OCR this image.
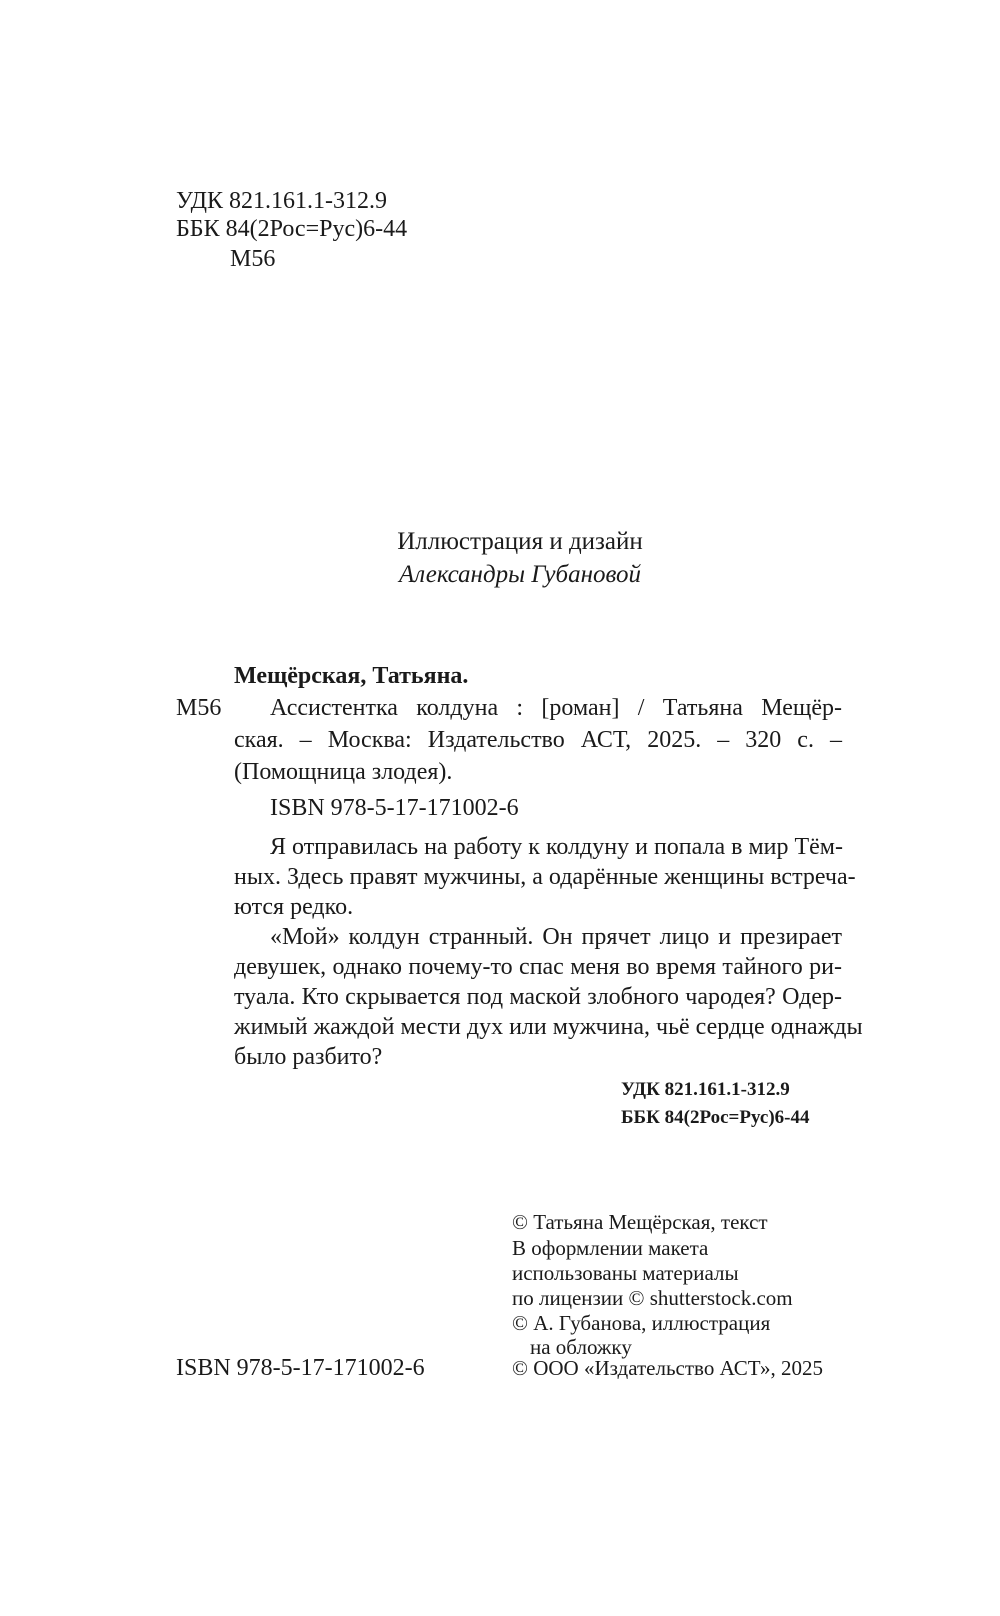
УДК 821.161.1-312.9
ББК 84(2Рос=Рус)6-44
М56
Иллюстрация и дизайн
Александры Губановой
Мещёрская, Татьяна.
М56 Ассистентка колдуна : [роман] / Татьяна Мещёр-
ская. – Москва: Издательство АСТ, 2025. – 320 с. –
(Помощница злодея).
ISBN 978-5-17-171002-6
Я отправилась на работу к колдуну и попала в мир Тём-
ных. Здесь правят мужчины, а одарённые женщины встреча-
ются редко.
«Мой» колдун странный. Он прячет лицо и презирает
девушек, однако почему-то спас меня во время тайного ри-
туала. Кто скрывается под маской злобного чародея? Одер-
жимый жаждой мести дух или мужчина, чьё сердце однажды
было разбито?
УДК 821.161.1-312.9
ББК 84(2Рос=Рус)6-44
© Татьяна Мещёрская, текст
В оформлении макета
использованы материалы
по лицензии © shutterstock.com
© А. Губанова, иллюстрация
на обложку
© ООО «Издательство АСТ», 2025
ISBN 978-5-17-171002-6
